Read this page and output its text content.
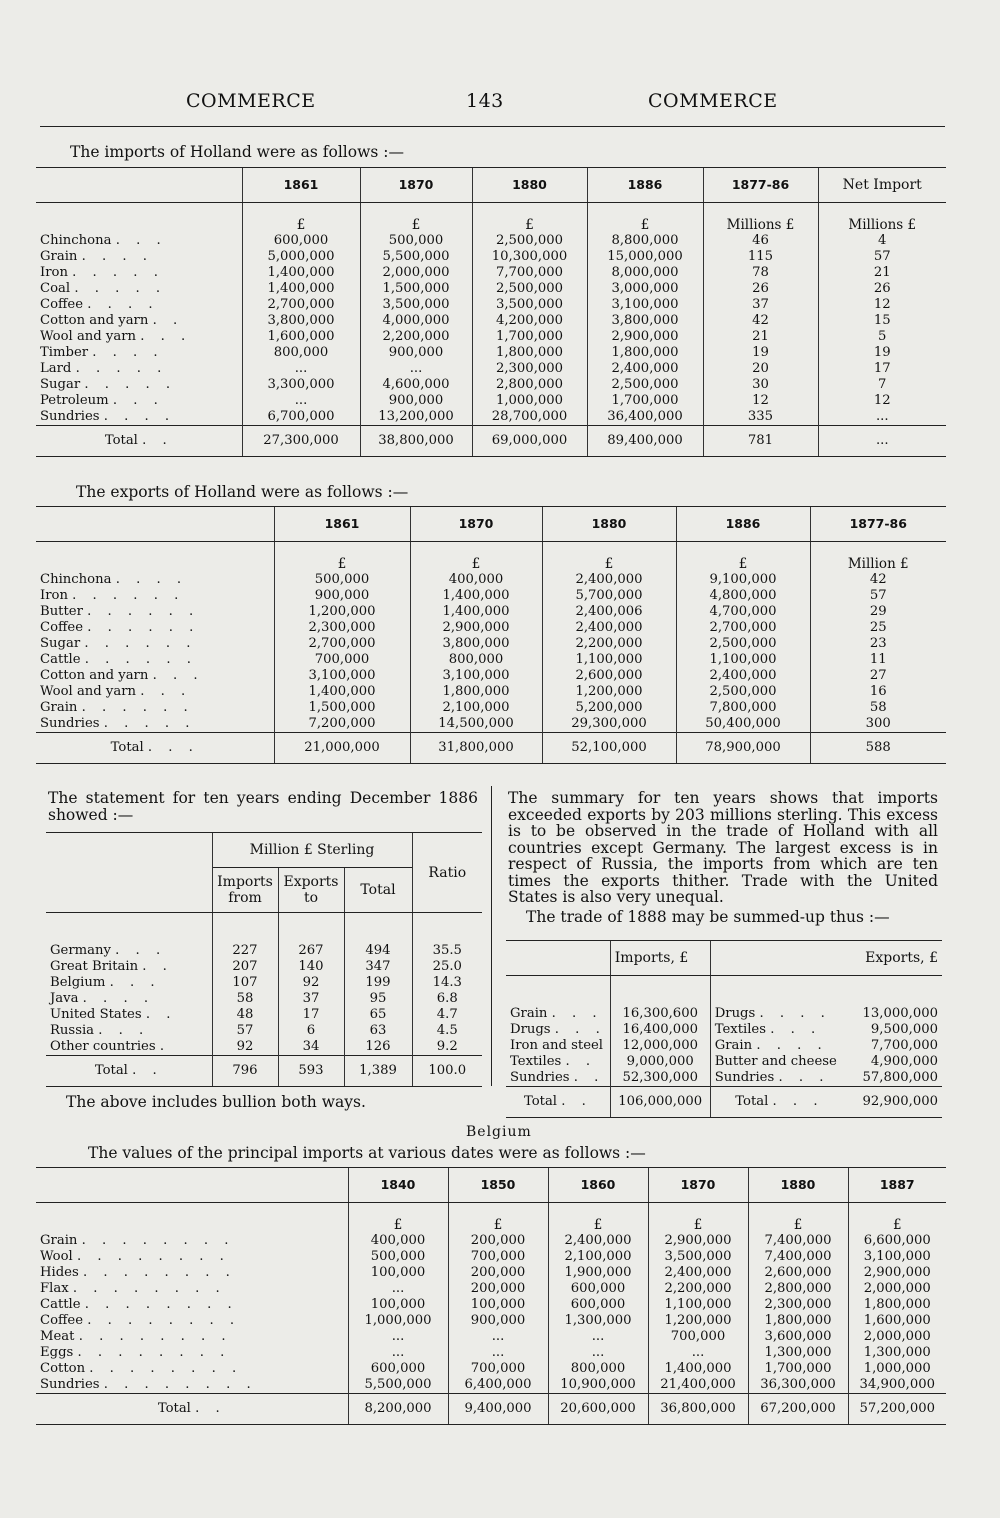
COMMERCE	143	COMMERCE
The imports of Holland were as follows :—
	1861	1870	1880	1886	1877-86	Net Import
	£	£	£	£	Millions £	Millions £
Chinchona . . .	600,000	500,000	2,500,000	8,800,000	46	4
Grain . . . .	5,000,000	5,500,000	10,300,000	15,000,000	115	57
Iron . . . . .	1,400,000	2,000,000	7,700,000	8,000,000	78	21
Coal . . . . .	1,400,000	1,500,000	2,500,000	3,000,000	26	26
Coffee . . . .	2,700,000	3,500,000	3,500,000	3,100,000	37	12
Cotton and yarn . .	3,800,000	4,000,000	4,200,000	3,800,000	42	15
Wool and yarn . . .	1,600,000	2,200,000	1,700,000	2,900,000	21	5
Timber . . . .	800,000	900,000	1,800,000	1,800,000	19	19
Lard . . . . .	...	...	2,300,000	2,400,000	20	17
Sugar . . . . .	3,300,000	4,600,000	2,800,000	2,500,000	30	7
Petroleum . . .	...	900,000	1,000,000	1,700,000	12	12
Sundries . . . .	6,700,000	13,200,000	28,700,000	36,400,000	335	...
Total . .	27,300,000	38,800,000	69,000,000	89,400,000	781	...
The exports of Holland were as follows :—
	1861	1870	1880	1886	1877-86
	£	£	£	£	Million £
Chinchona . . . .	500,000	400,000	2,400,000	9,100,000	42
Iron . . . . . .	900,000	1,400,000	5,700,000	4,800,000	57
Butter . . . . . .	1,200,000	1,400,000	2,400,006	4,700,000	29
Coffee . . . . . .	2,300,000	2,900,000	2,400,000	2,700,000	25
Sugar . . . . . .	2,700,000	3,800,000	2,200,000	2,500,000	23
Cattle . . . . . .	700,000	800,000	1,100,000	1,100,000	11
Cotton and yarn . . .	3,100,000	3,100,000	2,600,000	2,400,000	27
Wool and yarn . . .	1,400,000	1,800,000	1,200,000	2,500,000	16
Grain . . . . . .	1,500,000	2,100,000	5,200,000	7,800,000	58
Sundries . . . . .	7,200,000	14,500,000	29,300,000	50,400,000	300
Total . . .	21,000,000	31,800,000	52,100,000	78,900,000	588
The statement for ten years ending December 1886 showed :—
	Million £ Sterling			Ratio
	Imports from	Exports to	Total	

Germany . . .	227	267	494	35.5
Great Britain . .	207	140	347	25.0
Belgium . . .	107	92	199	14.3
Java . . . .	58	37	95	6.8
United States . .	48	17	65	4.7
Russia . . .	57	6	63	4.5
Other countries .	92	34	126	9.2
Total . .	796	593	1,389	100.0
The above includes bullion both ways.
The summary for ten years shows that imports exceeded exports by 203 millions sterling. This excess is to be observed in the trade of Holland with all countries except Germany. The largest excess is in respect of Russia, the imports from which are ten times the exports thither. Trade with the United States is also very unequal.
The trade of 1888 may be summed-up thus :—
	Imports, £		Exports, £

Grain . . .	16,300,600	Drugs . . . .	13,000,000
Drugs . . .	16,400,000	Textiles . . .	9,500,000
Iron and steel	12,000,000	Grain . . . .	7,700,000
Textiles . .	9,000,000	Butter and cheese	4,900,000
Sundries . .	52,300,000	Sundries . . .	57,800,000
Total . .	106,000,000	Total . . .	92,900,000
Belgium
The values of the principal imports at various dates were as follows :—
	1840	1850	1860	1870	1880	1887
	£	£	£	£	£	£
Grain . . . . . . . .	400,000	200,000	2,400,000	2,900,000	7,400,000	6,600,000
Wool . . . . . . . .	500,000	700,000	2,100,000	3,500,000	7,400,000	3,100,000
Hides . . . . . . . .	100,000	200,000	1,900,000	2,400,000	2,600,000	2,900,000
Flax . . . . . . . .	...	200,000	600,000	2,200,000	2,800,000	2,000,000
Cattle . . . . . . . .	100,000	100,000	600,000	1,100,000	2,300,000	1,800,000
Coffee . . . . . . . .	1,000,000	900,000	1,300,000	1,200,000	1,800,000	1,600,000
Meat . . . . . . . .	...	...	...	700,000	3,600,000	2,000,000
Eggs . . . . . . . .	...	...	...	...	1,300,000	1,300,000
Cotton . . . . . . . .	600,000	700,000	800,000	1,400,000	1,700,000	1,000,000
Sundries . . . . . . . .	5,500,000	6,400,000	10,900,000	21,400,000	36,300,000	34,900,000
Total . .	8,200,000	9,400,000	20,600,000	36,800,000	67,200,000	57,200,000
